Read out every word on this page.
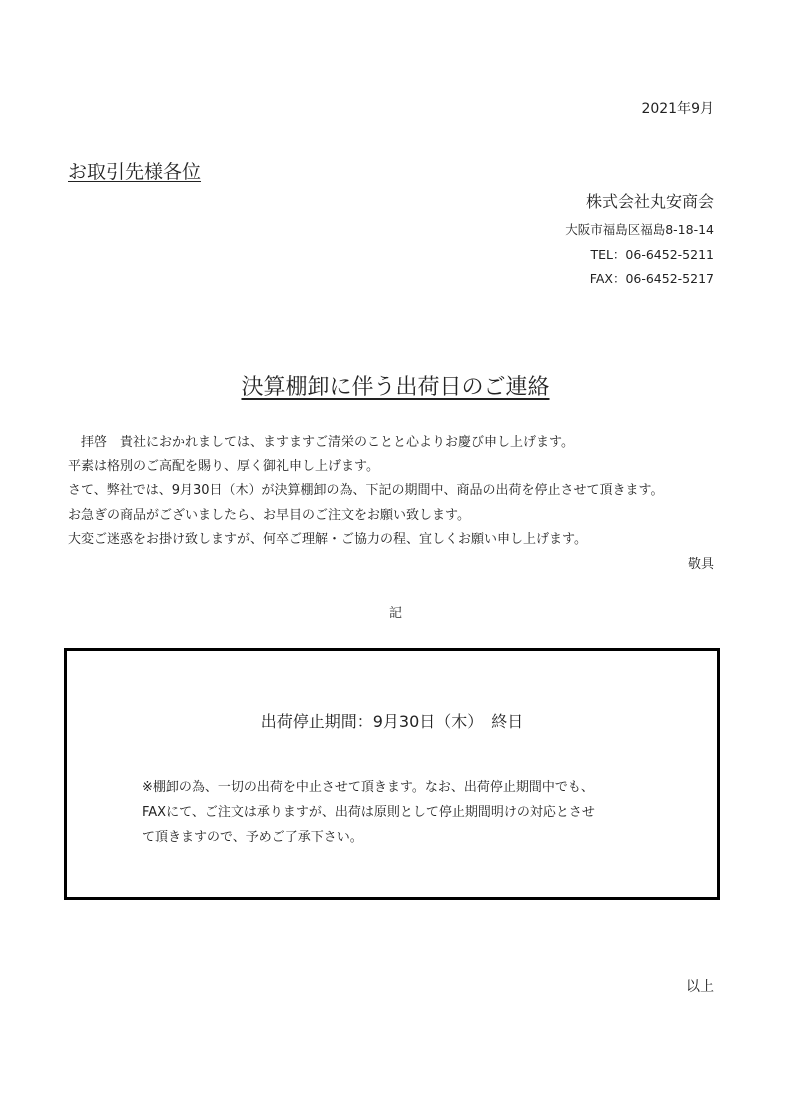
2021年9月
お取引先様各位
株式会社丸安商会
大阪市福島区福島8-18-14
TEL：06-6452-5211
FAX：06-6452-5217
決算棚卸に伴う出荷日のご連絡
　拝啓　貴社におかれましては、ますますご清栄のことと心よりお慶び申し上げます。
平素は格別のご高配を賜り、厚く御礼申し上げます。
さて、弊社では、9月30日（木）が決算棚卸の為、下記の期間中、商品の出荷を停止させて頂きます。
お急ぎの商品がございましたら、お早目のご注文をお願い致します。
大変ご迷惑をお掛け致しますが、何卒ご理解・ご協力の程、宜しくお願い申し上げます。
敬具
記
出荷停止期間：9月30日（木）　終日
※棚卸の為、一切の出荷を中止させて頂きます。なお、出荷停止期間中でも、
FAXにて、ご注文は承りますが、出荷は原則として停止期間明けの対応とさせ
て頂きますので、予めご了承下さい。
以上
